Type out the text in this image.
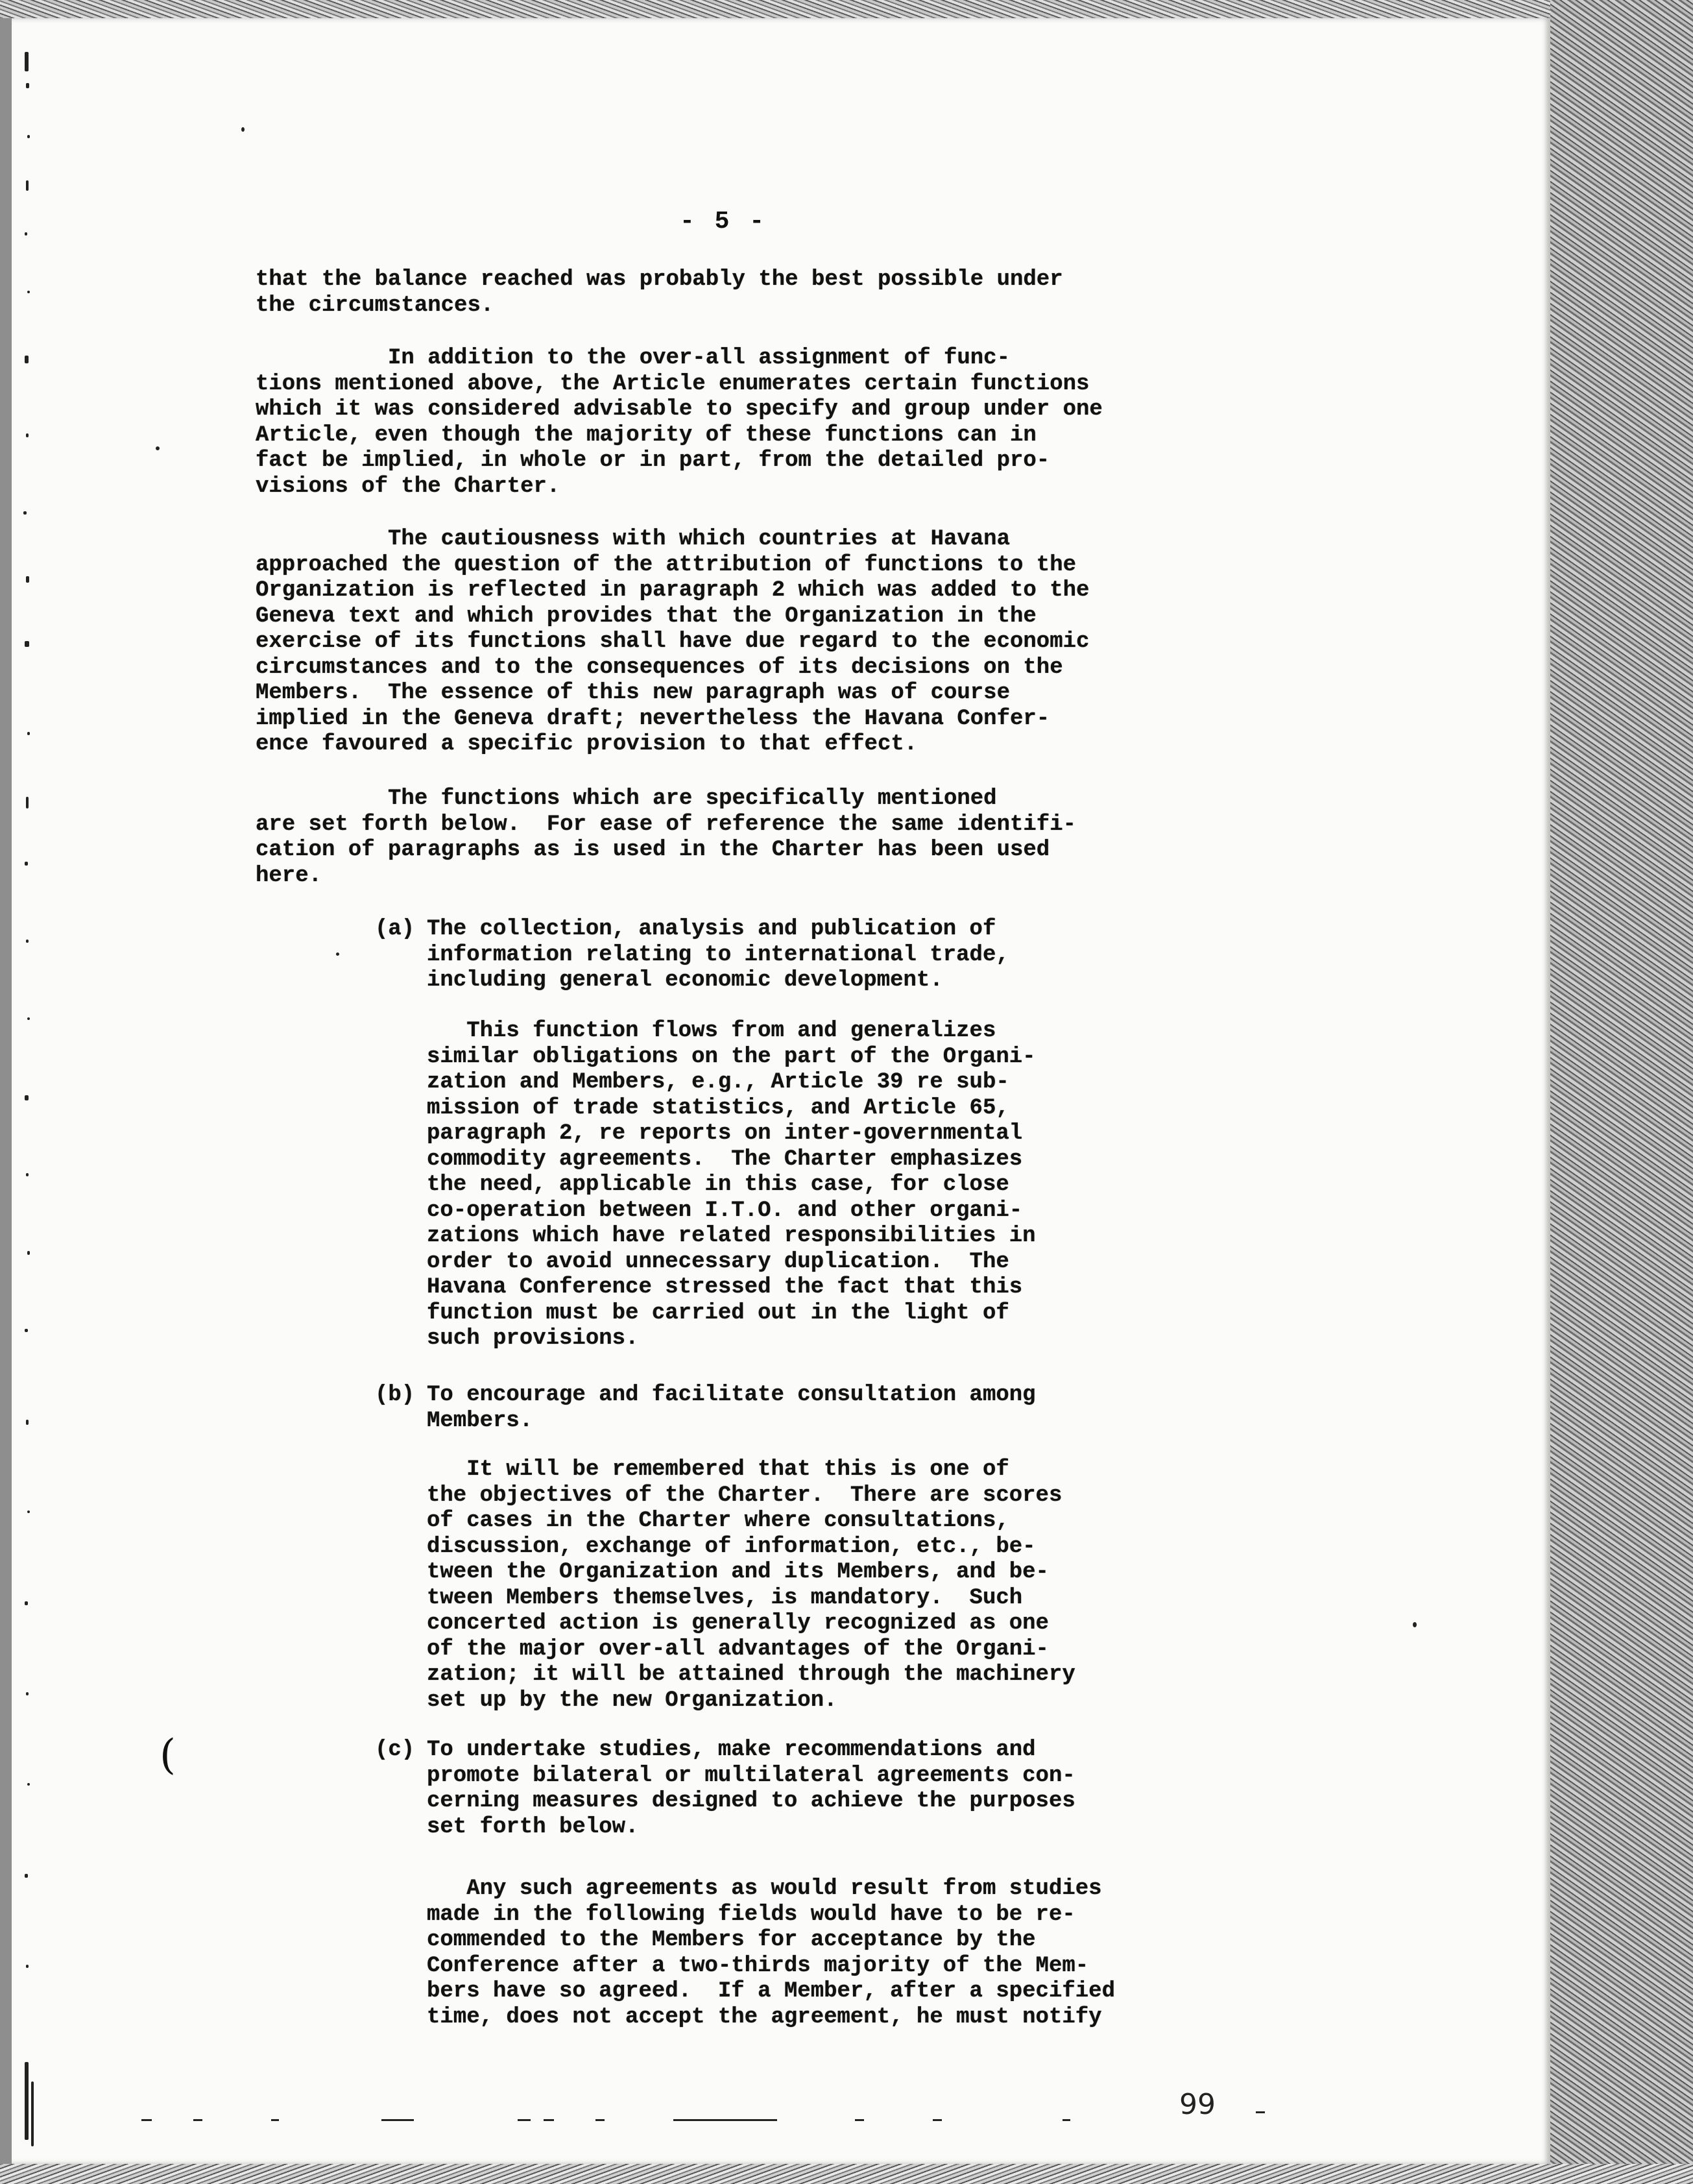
- 5 -
that the balance reached was probably the best possible under
the circumstances.
In addition to the over-all assignment of func-
tions mentioned above, the Article enumerates certain functions
which it was considered advisable to specify and group under one
Article, even though the majority of these functions can in
fact be implied, in whole or in part, from the detailed pro-
visions of the Charter.
The cautiousness with which countries at Havana
approached the question of the attribution of functions to the
Organization is reflected in paragraph 2 which was added to the
Geneva text and which provides that the Organization in the
exercise of its functions shall have due regard to the economic
circumstances and to the consequences of its decisions on the
Members.  The essence of this new paragraph was of course
implied in the Geneva draft; nevertheless the Havana Confer-
ence favoured a specific provision to that effect.
The functions which are specifically mentioned
are set forth below.  For ease of reference the same identifi-
cation of paragraphs as is used in the Charter has been used
here.
(a) The collection, analysis and publication of
information relating to international trade,
including general economic development.
This function flows from and generalizes
similar obligations on the part of the Organi-
zation and Members, e.g., Article 39 re sub-
mission of trade statistics, and Article 65,
paragraph 2, re reports on inter-governmental
commodity agreements.  The Charter emphasizes
the need, applicable in this case, for close
co-operation between I.T.O. and other organi-
zations which have related responsibilities in
order to avoid unnecessary duplication.  The
Havana Conference stressed the fact that this
function must be carried out in the light of
such provisions.
(b) To encourage and facilitate consultation among
Members.
It will be remembered that this is one of
the objectives of the Charter.  There are scores
of cases in the Charter where consultations,
discussion, exchange of information, etc., be-
tween the Organization and its Members, and be-
tween Members themselves, is mandatory.  Such
concerted action is generally recognized as one
of the major over-all advantages of the Organi-
zation; it will be attained through the machinery
set up by the new Organization.
(	(c) To undertake studies, make recommendations and
promote bilateral or multilateral agreements con-
cerning measures designed to achieve the purposes
set forth below.
Any such agreements as would result from studies
made in the following fields would have to be re-
commended to the Members for acceptance by the
Conference after a two-thirds majority of the Mem-
bers have so agreed.  If a Member, after a specified
time, does not accept the agreement, he must notify
99
